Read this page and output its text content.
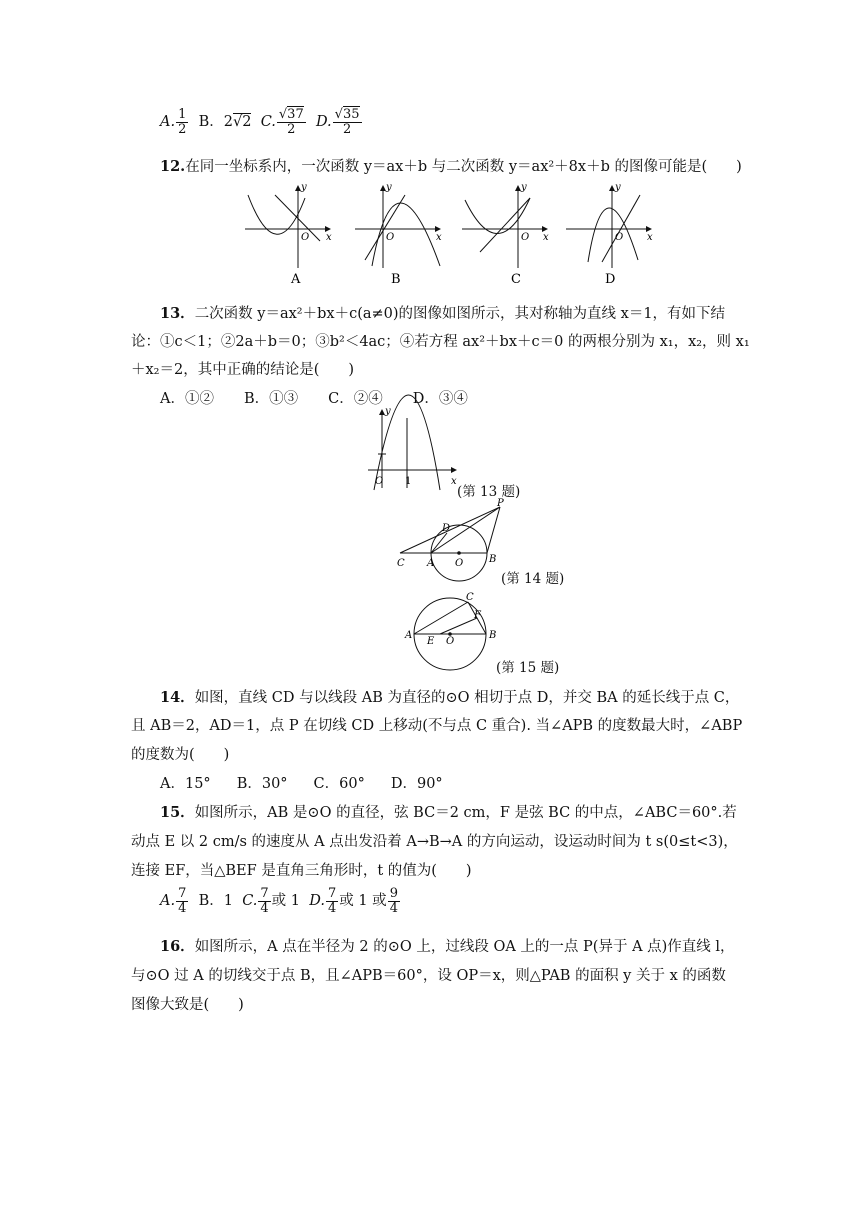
A. $\frac{1}{2}$ B．2√2 C. $\frac{√37}{2} D$. $\frac{√35}{2}$
12.在同一坐标系内，一次函数 y＝ax＋b 与二次函数 y＝ax²＋8x＋b 的图像可能是(　　)
y
x
O
A
y
x
O
B
y
x
O
C
y
x
O
D
y
x
O 1
P
D
C A O	B
C
F
A
E O
B
13．二次函数 y＝ax²＋bx＋c(a≠0)的图像如图所示，其对称轴为直线 x＝1，有如下结
论：①c＜1；②2a＋b＝0；③b²＜4ac；④若方程 ax²＋bx＋c＝0 的两根分别为 x₁，x₂，则 x₁
＋x₂＝2，其中正确的结论是(　　)
A．①② B．①③ C．②④ D．③④
(第 13 题)
(第 14 题)
(第 15 题)
14．如图，直线 CD 与以线段 AB 为直径的⊙O 相切于点 D，并交 BA 的延长线于点 C，
且 AB＝2，AD＝1，点 P 在切线 CD 上移动(不与点 C 重合). 当∠APB 的度数最大时，∠ABP
的度数为(　　)
A．15° B．30° C．60° D．90°
15．如图所示，AB 是⊙O 的直径，弦 BC＝2 cm，F 是弦 BC 的中点，∠ABC＝60°.若
动点 E 以 2 cm/s 的速度从 A 点出发沿着 A→B→A 的方向运动，设运动时间为 t s(0≤t<3)，
连接 EF，当△BEF 是直角三角形时，t 的值为(　　)
A. $\frac{7}{4}$ B．1 C. $\frac{7}{4}$ 或 1 D. $\frac{7}{4}$ 或 1 或 $\frac{9}{4}$
16．如图所示，A 点在半径为 2 的⊙O 上，过线段 OA 上的一点 P(异于 A 点)作直线 l，
与⊙O 过 A 的切线交于点 B，且∠APB＝60°，设 OP＝x，则△PAB 的面积 y 关于 x 的函数
图像大致是(　　)
